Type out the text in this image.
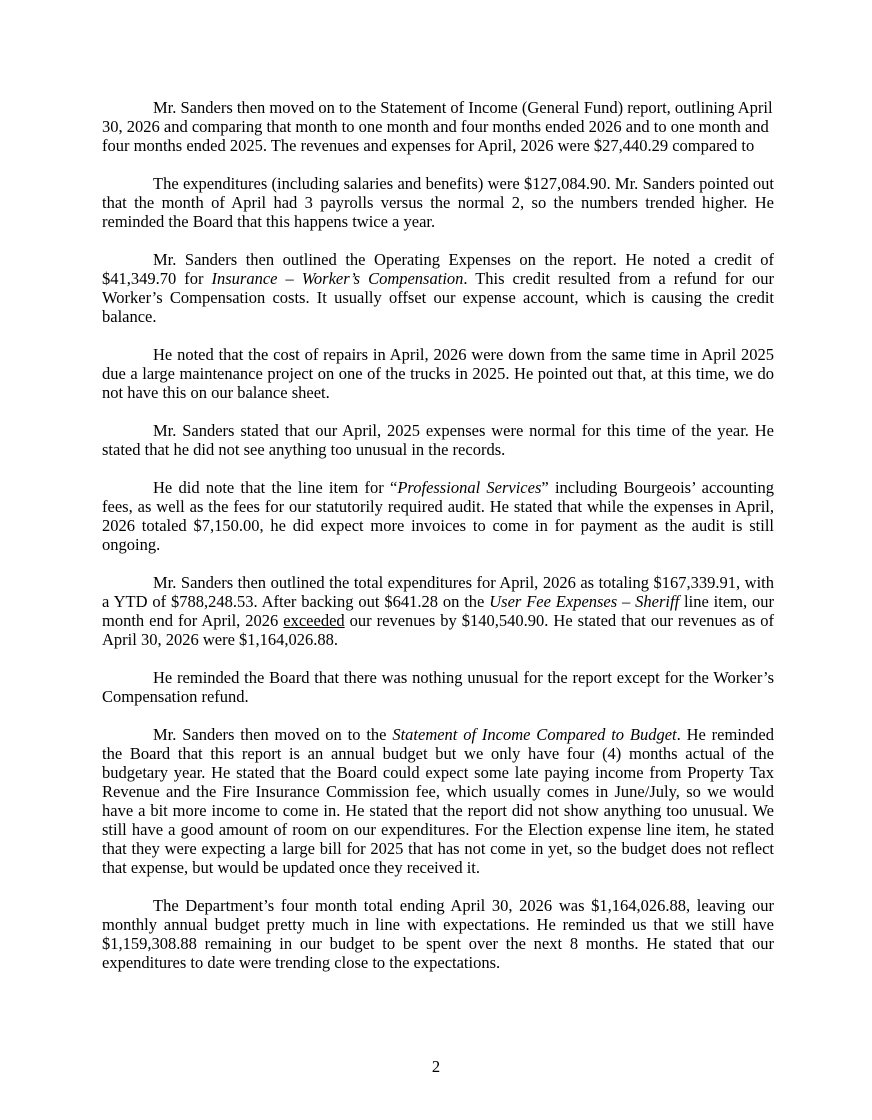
Mr. Sanders then moved on to the Statement of Income (General Fund) report, outlining April 30, 2026 and comparing that month to one month and four months ended 2026 and to one month and four months ended 2025. The revenues and expenses for April, 2026 were $27,440.29 compared to

The expenditures (including salaries and benefits) were $127,084.90. Mr. Sanders pointed out that the month of April had 3 payrolls versus the normal 2, so the numbers trended higher. He reminded the Board that this happens twice a year.

Mr. Sanders then outlined the Operating Expenses on the report. He noted a credit of $41,349.70 for Insurance – Worker’s Compensation. This credit resulted from a refund for our Worker’s Compensation costs. It usually offset our expense account, which is causing the credit balance.

He noted that the cost of repairs in April, 2026 were down from the same time in April 2025 due a large maintenance project on one of the trucks in 2025. He pointed out that, at this time, we do not have this on our balance sheet.

Mr. Sanders stated that our April, 2025 expenses were normal for this time of the year. He stated that he did not see anything too unusual in the records.

He did note that the line item for “Professional Services” including Bourgeois’ accounting fees, as well as the fees for our statutorily required audit. He stated that while the expenses in April, 2026 totaled $7,150.00, he did expect more invoices to come in for payment as the audit is still ongoing.

Mr. Sanders then outlined the total expenditures for April, 2026 as totaling $167,339.91, with a YTD of $788,248.53. After backing out $641.28 on the User Fee Expenses – Sheriff line item, our month end for April, 2026 exceeded our revenues by $140,540.90. He stated that our revenues as of April 30, 2026 were $1,164,026.88.

He reminded the Board that there was nothing unusual for the report except for the Worker’s Compensation refund.

Mr. Sanders then moved on to the Statement of Income Compared to Budget. He reminded the Board that this report is an annual budget but we only have four (4) months actual of the budgetary year. He stated that the Board could expect some late paying income from Property Tax Revenue and the Fire Insurance Commission fee, which usually comes in June/July, so we would have a bit more income to come in. He stated that the report did not show anything too unusual. We still have a good amount of room on our expenditures. For the Election expense line item, he stated that they were expecting a large bill for 2025 that has not come in yet, so the budget does not reflect that expense, but would be updated once they received it.

The Department’s four month total ending April 30, 2026 was $1,164,026.88, leaving our monthly annual budget pretty much in line with expectations. He reminded us that we still have $1,159,308.88 remaining in our budget to be spent over the next 8 months. He stated that our expenditures to date were trending close to the expectations.

2
